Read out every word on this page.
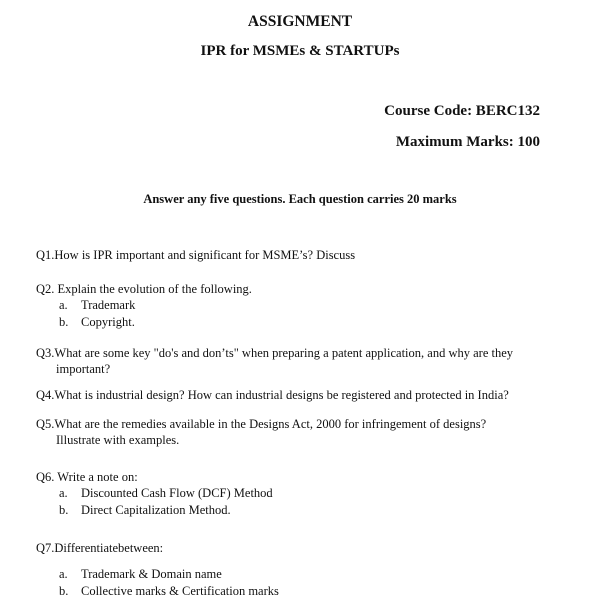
ASSIGNMENT
IPR for MSMEs & STARTUPs
Course Code: BERC132
Maximum Marks: 100
Answer any five questions. Each question carries 20 marks
Q1.How is IPR important and significant for MSME’s? Discuss
Q2. Explain the evolution of the following.
a. Trademark
b. Copyright.
Q3.What are some key "do's and don’ts" when preparing a patent application, and why are they
important?
Q4.What is industrial design? How can industrial designs be registered and protected in India?
Q5.What are the remedies available in the Designs Act, 2000 for infringement of designs?
Illustrate with examples.
Q6. Write a note on:
a. Discounted Cash Flow (DCF) Method
b. Direct Capitalization Method.
Q7.Differentiatebetween:
a. Trademark & Domain name
b. Collective marks & Certification marks
